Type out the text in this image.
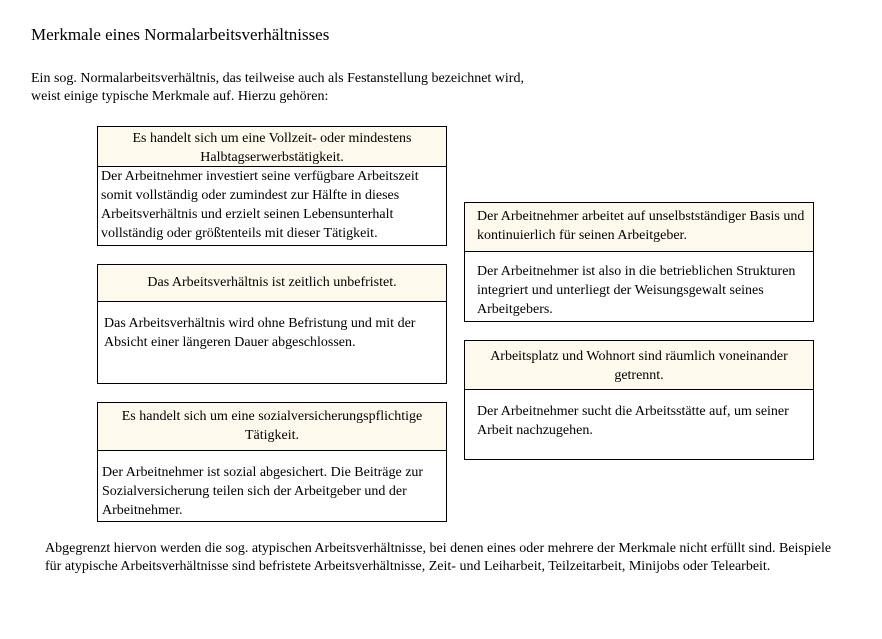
Merkmale eines Normalarbeitsverhältnisses
Ein sog. Normalarbeitsverhältnis, das teilweise auch als Festanstellung bezeichnet wird,
weist einige typische Merkmale auf. Hierzu gehören:
Es handelt sich um eine Vollzeit- oder mindestens Halbtagserwerbstätigkeit.
Der Arbeitnehmer investiert seine verfügbare Arbeitszeit somit vollständig oder zumindest zur Hälfte in dieses Arbeitsverhältnis und erzielt seinen Lebensunterhalt vollständig oder größtenteils mit dieser Tätigkeit.
Das Arbeitsverhältnis ist zeitlich unbefristet.
Das Arbeitsverhältnis wird ohne Befristung und mit der Absicht einer längeren Dauer abgeschlossen.
Es handelt sich um eine sozialversicherungspflichtige Tätigkeit.
Der Arbeitnehmer ist sozial abgesichert. Die Beiträge zur Sozialversicherung teilen sich der Arbeitgeber und der Arbeitnehmer.
Der Arbeitnehmer arbeitet auf unselbstständiger Basis und kontinuierlich für seinen Arbeitgeber.
Der Arbeitnehmer ist also in die betrieblichen Strukturen integriert und unterliegt der Weisungsgewalt seines Arbeitgebers.
Arbeitsplatz und Wohnort sind räumlich voneinander getrennt.
Der Arbeitnehmer sucht die Arbeitsstätte auf, um seiner Arbeit nachzugehen.
Abgegrenzt hiervon werden die sog. atypischen Arbeitsverhältnisse, bei denen eines oder mehrere der Merkmale nicht erfüllt sind. Beispiele für atypische Arbeitsverhältnisse sind befristete Arbeitsverhältnisse, Zeit- und Leiharbeit, Teilzeitarbeit, Minijobs oder Telearbeit.
